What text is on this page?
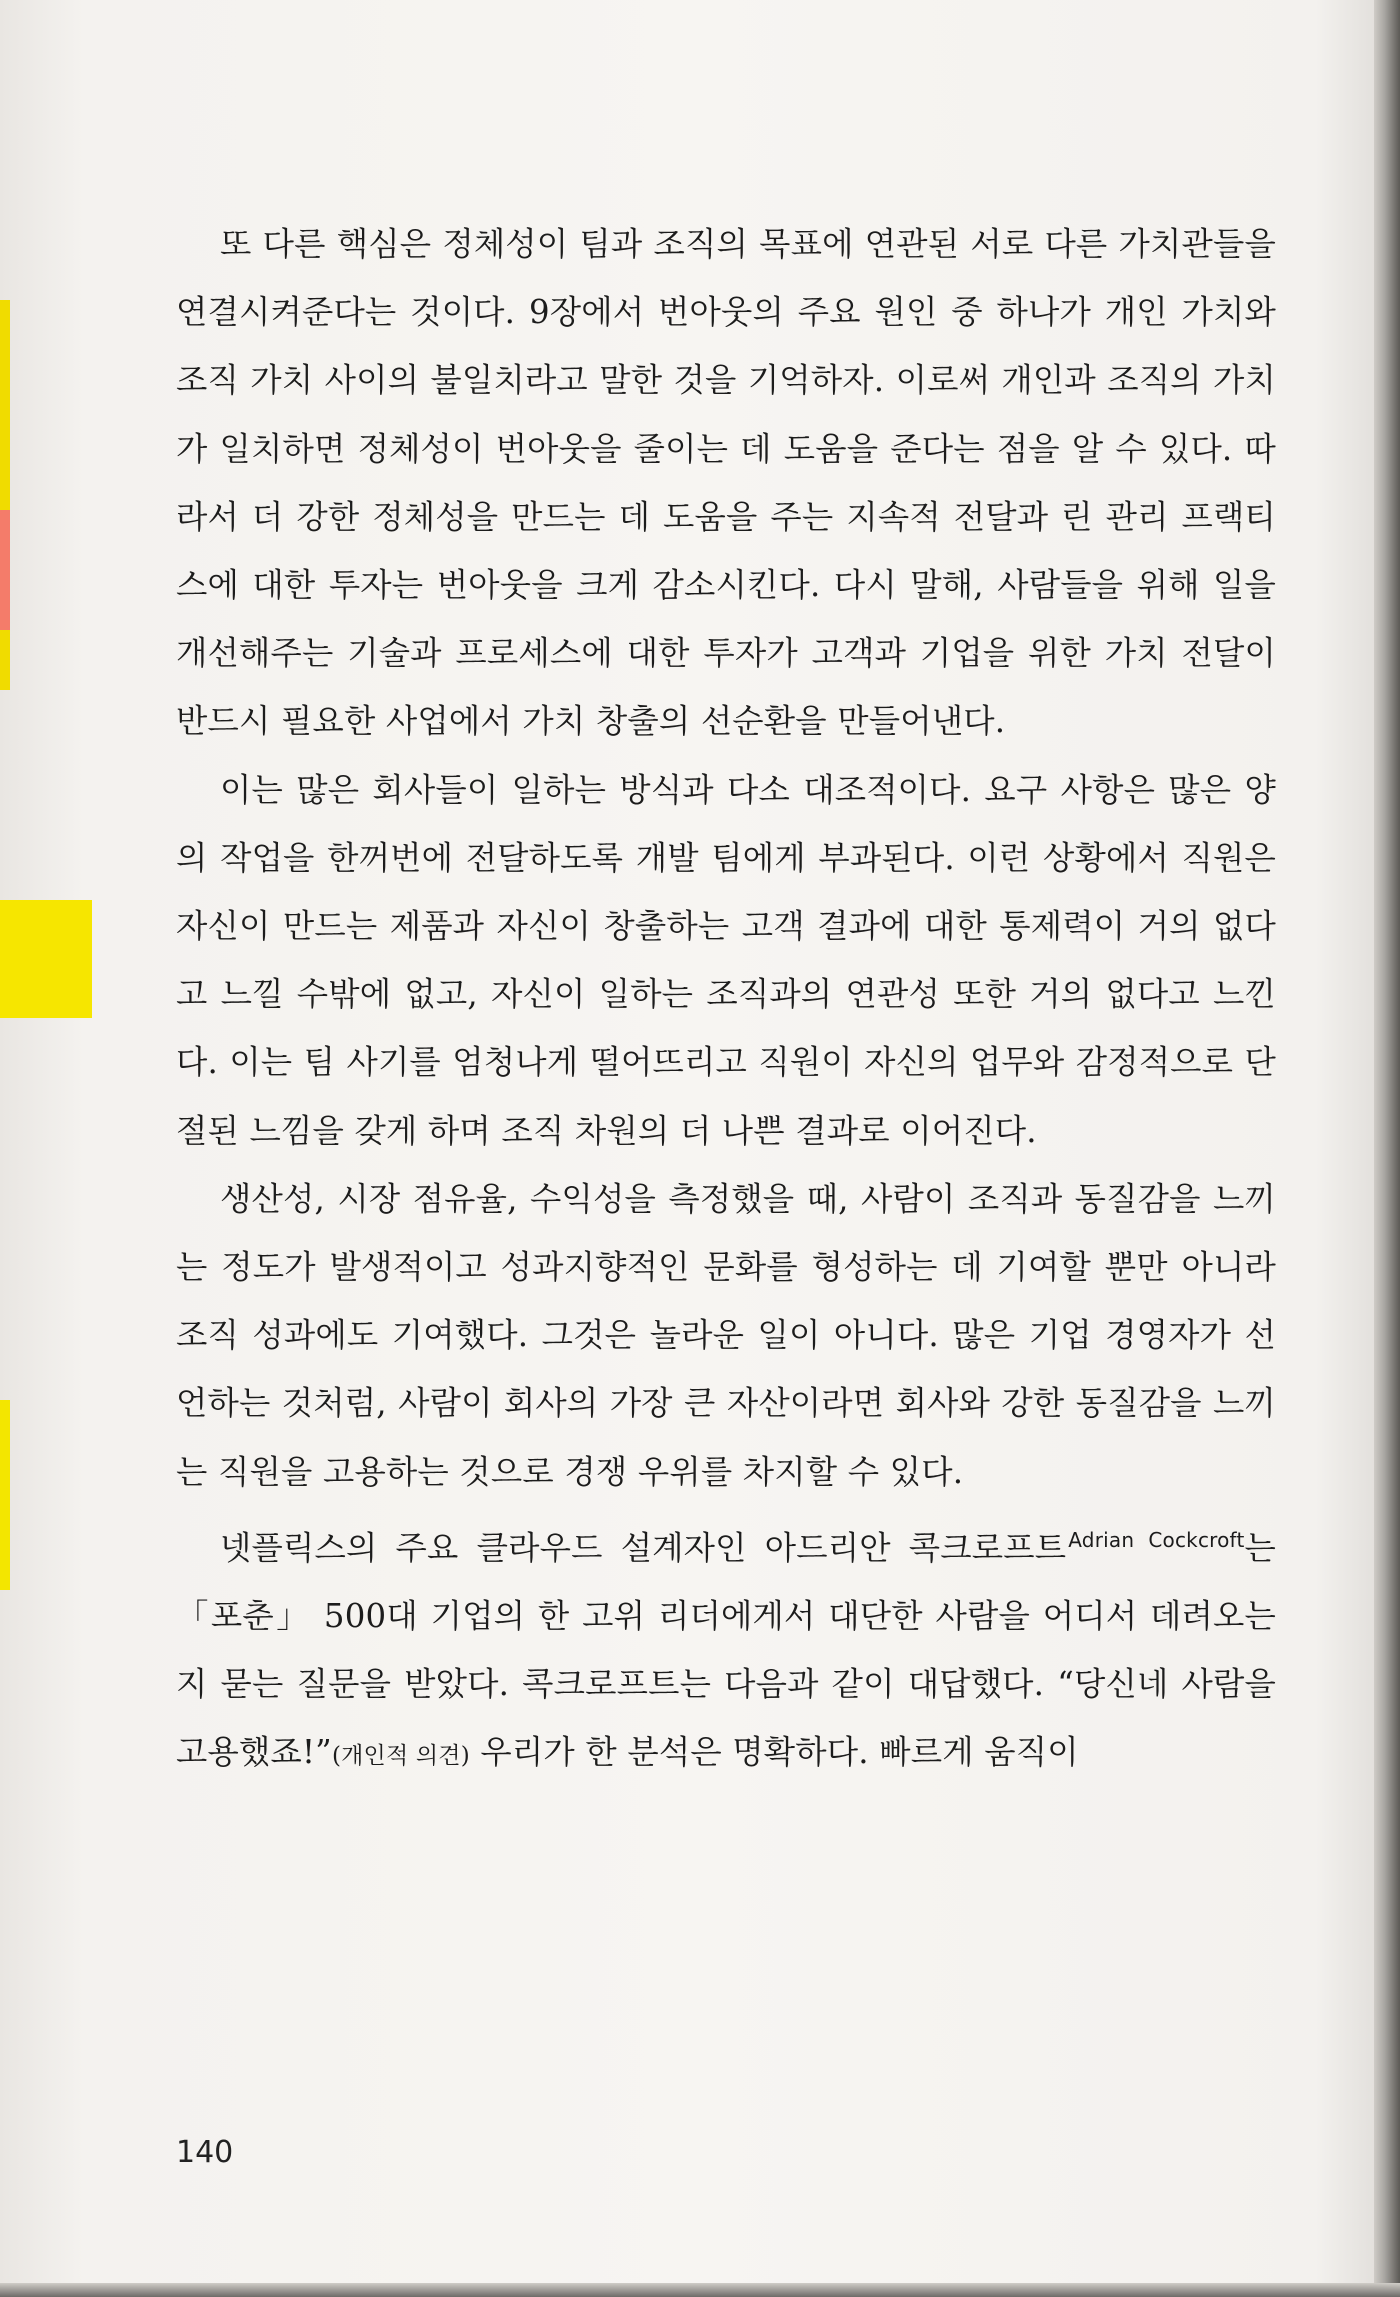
또 다른 핵심은 정체성이 팀과 조직의 목표에 연관된 서로 다른 가치관들을 연결시켜준다는 것이다. 9장에서 번아웃의 주요 원인 중 하나가 개인 가치와 조직 가치 사이의 불일치라고 말한 것을 기억하자. 이로써 개인과 조직의 가치가 일치하면 정체성이 번아웃을 줄이는 데 도움을 준다는 점을 알 수 있다. 따라서 더 강한 정체성을 만드는 데 도움을 주는 지속적 전달과 린 관리 프랙티스에 대한 투자는 번아웃을 크게 감소시킨다. 다시 말해, 사람들을 위해 일을 개선해주는 기술과 프로세스에 대한 투자가 고객과 기업을 위한 가치 전달이 반드시 필요한 사업에서 가치 창출의 선순환을 만들어낸다.

이는 많은 회사들이 일하는 방식과 다소 대조적이다. 요구 사항은 많은 양의 작업을 한꺼번에 전달하도록 개발 팀에게 부과된다. 이런 상황에서 직원은 자신이 만드는 제품과 자신이 창출하는 고객 결과에 대한 통제력이 거의 없다고 느낄 수밖에 없고, 자신이 일하는 조직과의 연관성 또한 거의 없다고 느낀다. 이는 팀 사기를 엄청나게 떨어뜨리고 직원이 자신의 업무와 감정적으로 단절된 느낌을 갖게 하며 조직 차원의 더 나쁜 결과로 이어진다.

생산성, 시장 점유율, 수익성을 측정했을 때, 사람이 조직과 동질감을 느끼는 정도가 발생적이고 성과지향적인 문화를 형성하는 데 기여할 뿐만 아니라 조직 성과에도 기여했다. 그것은 놀라운 일이 아니다. 많은 기업 경영자가 선언하는 것처럼, 사람이 회사의 가장 큰 자산이라면 회사와 강한 동질감을 느끼는 직원을 고용하는 것으로 경쟁 우위를 차지할 수 있다.

넷플릭스의 주요 클라우드 설계자인 아드리안 콕크로프트 $^{Adrian Cockcroft}$는 「포춘」 500대 기업의 한 고위 리더에게서 대단한 사람을 어디서 데려오는지 묻는 질문을 받았다. 콕크로프트는 다음과 같이 대답했다. “당신네 사람을 고용했죠!”(개인적 의견) 우리가 한 분석은 명확하다. 빠르게 움직이

140
